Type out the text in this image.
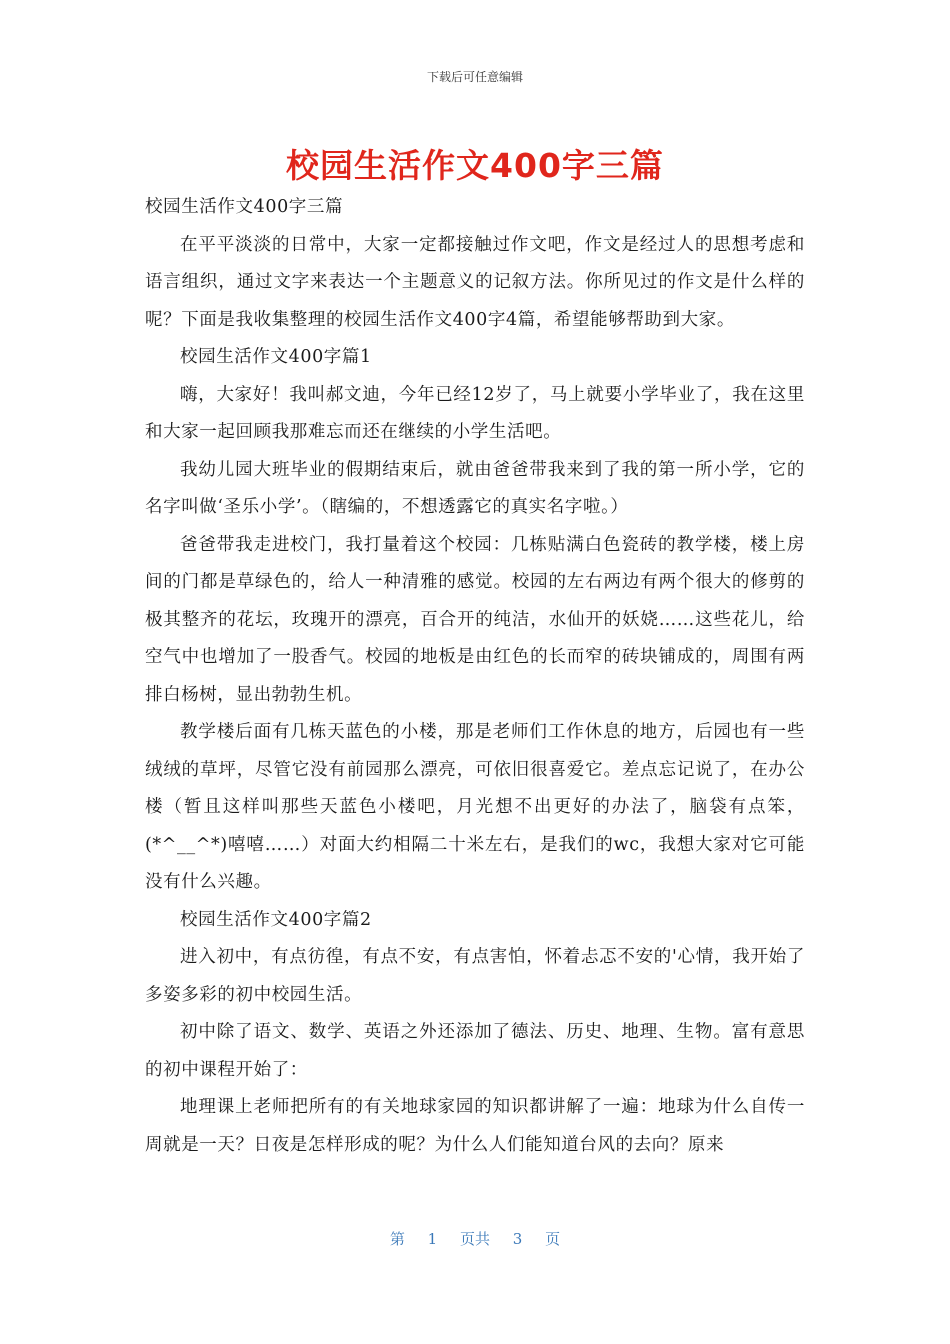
下载后可任意编辑
校园生活作文400字三篇

校园生活作文400字三篇

在平平淡淡的日常中，大家一定都接触过作文吧，作文是经过人的思想考虑和语言组织，通过文字来表达一个主题意义的记叙方法。你所见过的作文是什么样的呢？下面是我收集整理的校园生活作文400字4篇，希望能够帮助到大家。

校园生活作文400字篇1

嗨，大家好！我叫郝文迪，今年已经12岁了，马上就要小学毕业了，我在这里和大家一起回顾我那难忘而还在继续的小学生活吧。

我幼儿园大班毕业的假期结束后，就由爸爸带我来到了我的第一所小学，它的名字叫做‘圣乐小学’。（瞎编的，不想透露它的真实名字啦。）

爸爸带我走进校门，我打量着这个校园：几栋贴满白色瓷砖的教学楼，楼上房间的门都是草绿色的，给人一种清雅的感觉。校园的左右两边有两个很大的修剪的极其整齐的花坛，玫瑰开的漂亮，百合开的纯洁，水仙开的妖娆……这些花儿，给空气中也增加了一股香气。校园的地板是由红色的长而窄的砖块铺成的，周围有两排白杨树，显出勃勃生机。

教学楼后面有几栋天蓝色的小楼，那是老师们工作休息的地方，后园也有一些绒绒的草坪，尽管它没有前园那么漂亮，可依旧很喜爱它。差点忘记说了，在办公楼（暂且这样叫那些天蓝色小楼吧，月光想不出更好的办法了，脑袋有点笨，(*^__^*)嘻嘻……）对面大约相隔二十米左右，是我们的wc，我想大家对它可能没有什么兴趣。

校园生活作文400字篇2

进入初中，有点彷徨，有点不安，有点害怕，怀着忐忑不安的'心情，我开始了多姿多彩的初中校园生活。

初中除了语文、数学、英语之外还添加了德法、历史、地理、生物。富有意思的初中课程开始了：

地理课上老师把所有的有关地球家园的知识都讲解了一遍：地球为什么自传一周就是一天？日夜是怎样形成的呢？为什么人们能知道台风的去向？原来

第 1 页共 3 页
